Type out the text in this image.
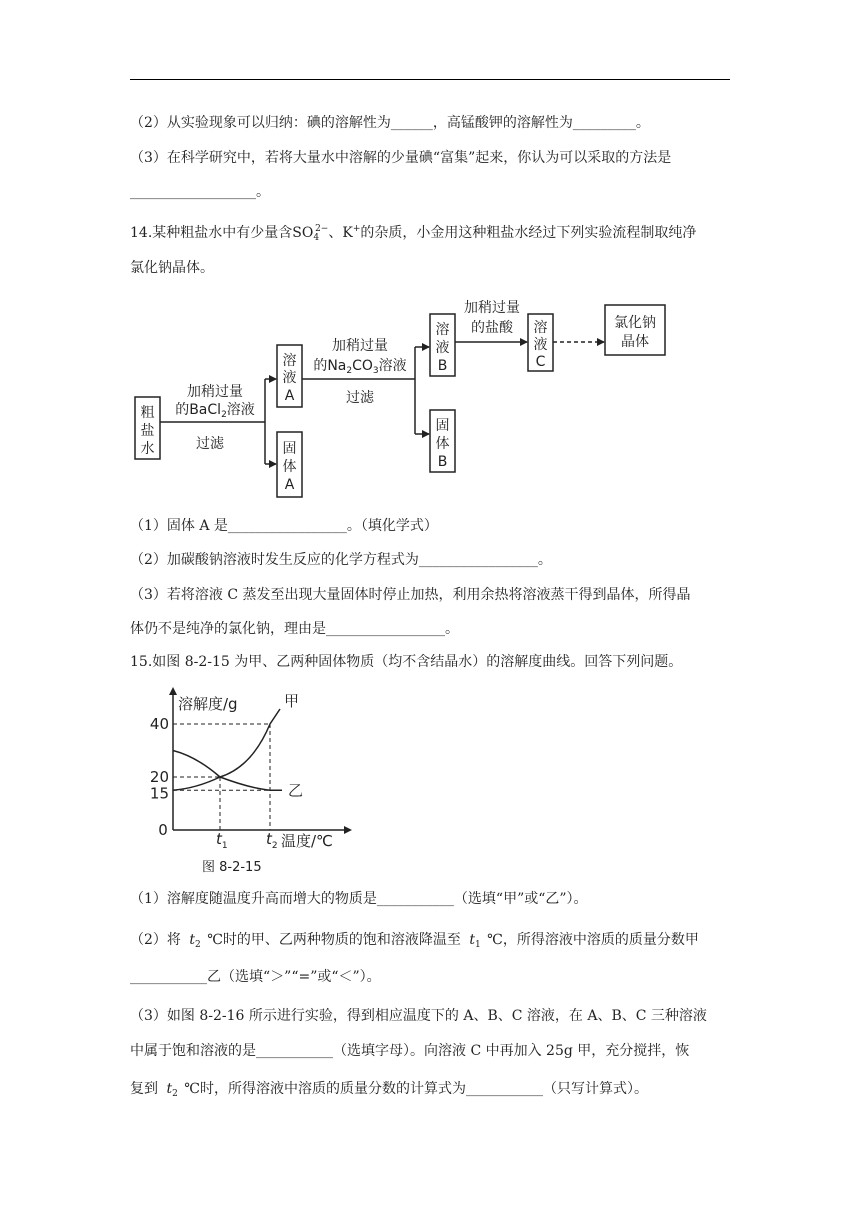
（2）从实验现象可以归纳：碘的溶解性为______，高锰酸钾的溶解性为_________。
（3）在科学研究中，若将大量水中溶解的少量碘“富集”起来，你认为可以采取的方法是
__________________。
14.某种粗盐水中有少量含$SO_4^{2-}$、K+的杂质，小金用这种粗盐水经过下列实验流程制取纯净
氯化钠晶体。
粗
盐
水
加稍过量
的BaCl$_2$溶液
过滤
溶
液
A
固
体
A
加稍过量
的$Na_2CO_3$溶液
过滤
溶
液
B
固
体
B
加稍过量
的盐酸 溶
液
C
氯化钠
晶体
（1）固体 A 是_________________。（填化学式）
（2）加碳酸钠溶液时发生反应的化学方程式为_________________。
（3）若将溶液 C 蒸发至出现大量固体时停止加热，利用余热将溶液蒸干得到晶体，所得晶
体仍不是纯净的氯化钠，理由是_________________。
15.如图 8-2-15 为甲、乙两种固体物质（均不含结晶水）的溶解度曲线。回答下列问题。
溶解度/g
温度/℃
0
15
20
40
$t_1$	$t_2$
甲
乙
图 8-2-15
（1）溶解度随温度升高而增大的物质是___________（选填“甲”或“乙”）。
（2）将 $t_2$ ℃时的甲、乙两种物质的饱和溶液降温至 $t_1$ ℃，所得溶液中溶质的质量分数甲
___________乙（选填“＞”“=”或“＜”）。
（3）如图 8-2-16 所示进行实验，得到相应温度下的 A、B、C 溶液，在 A、B、C 三种溶液
中属于饱和溶液的是___________（选填字母）。向溶液 C 中再加入 25g 甲，充分搅拌，恢
复到 $t_2$ ℃时，所得溶液中溶质的质量分数的计算式为___________（只写计算式）。
